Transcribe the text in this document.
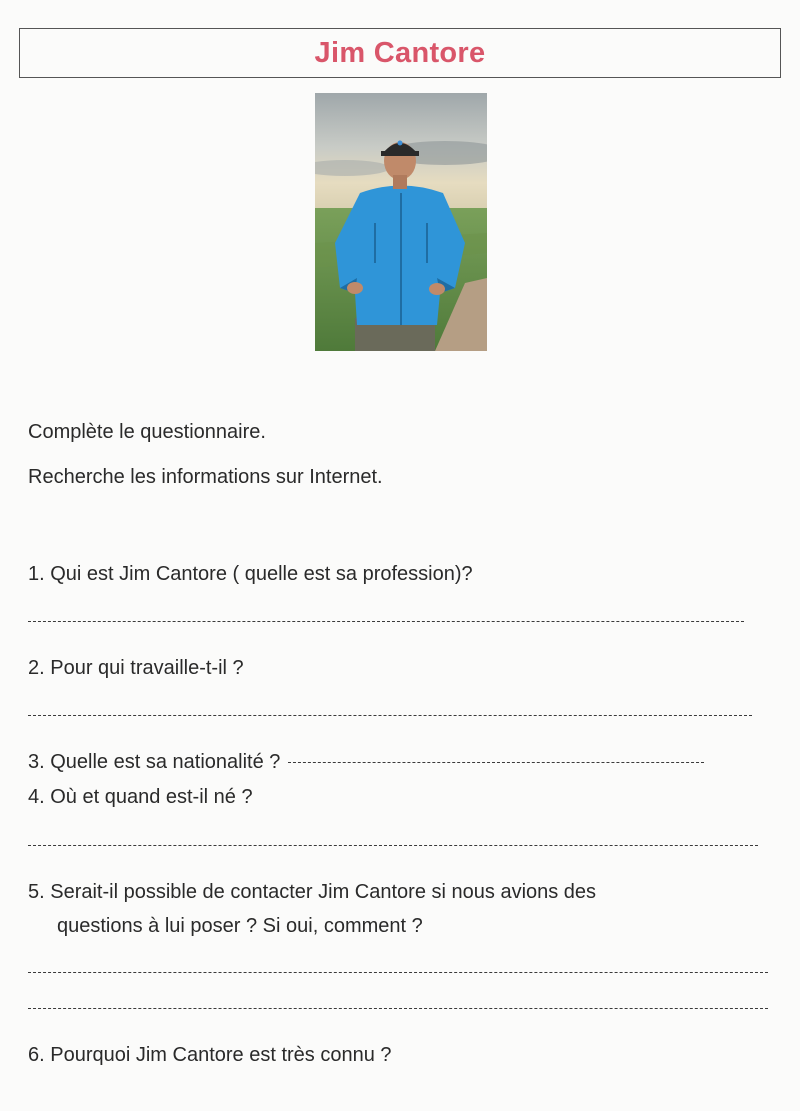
Jim Cantore
Complète le questionnaire.
Recherche les informations sur Internet.
1. Qui est Jim Cantore ( quelle est sa profession)?
2. Pour qui travaille-t-il ?
3. Quelle est sa nationalité ?
4. Où et quand est-il né ?
5. Serait-il possible de contacter Jim Cantore si nous avions des
questions à lui poser ? Si oui, comment ?
6. Pourquoi Jim Cantore est très connu ?
